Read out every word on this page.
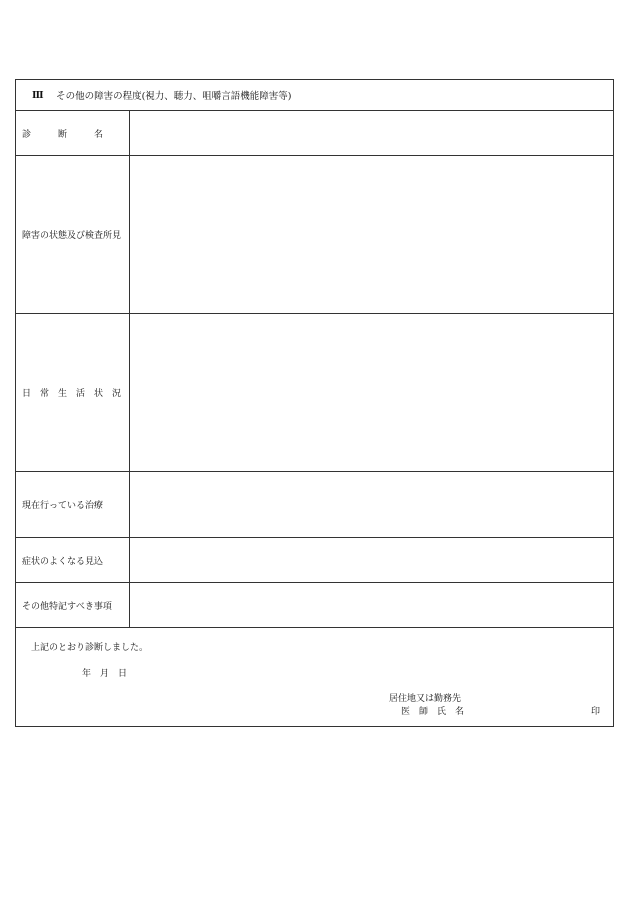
Ⅲ その他の障害の程度(視力、聴力、咀嚼言語機能障害等)
診　　　断　　　名
障害の状態及び検査所見
日　常　生　活　状　況
現在行っている治療
症状のよくなる見込
その他特記すべき事項
上記のとおり診断しました。
年　月　日
居住地又は勤務先
医　師　氏　名	印
